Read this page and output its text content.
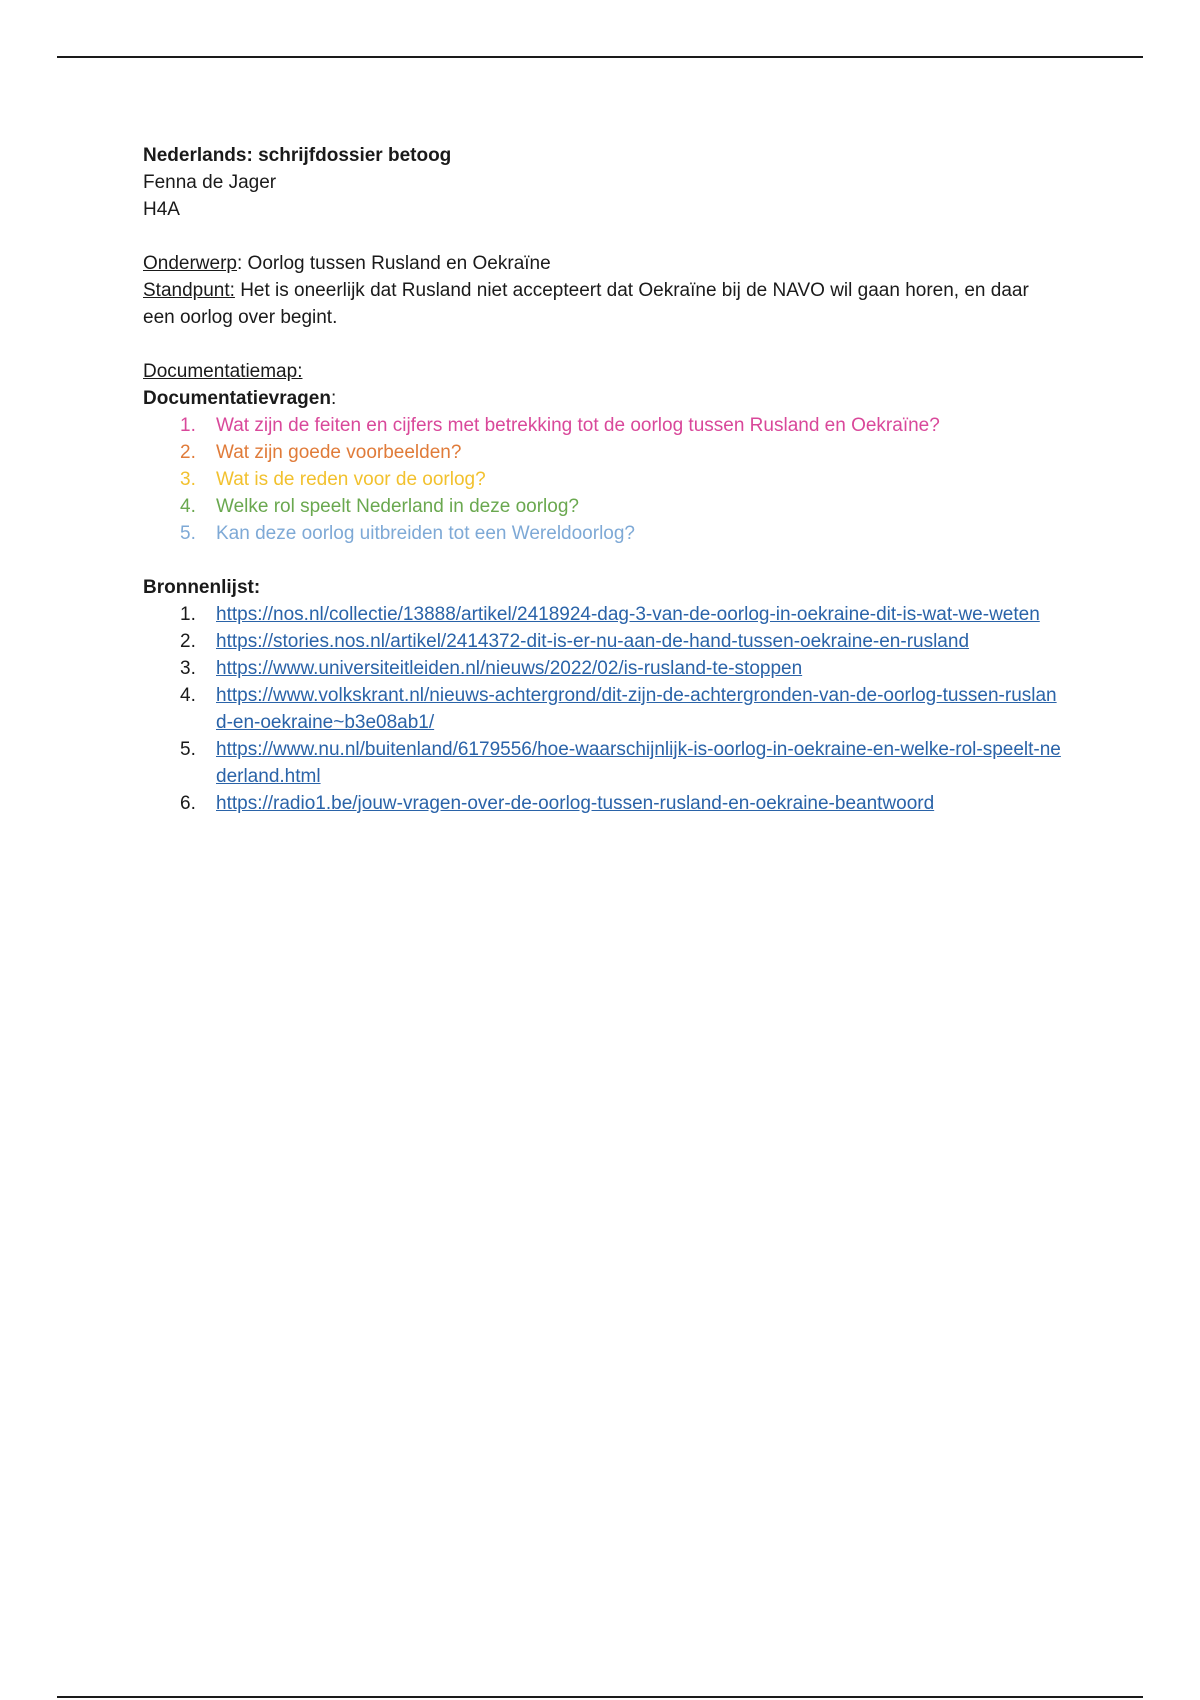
Nederlands: schrijfdossier betoog

Fenna de Jager

H4A

Onderwerp: Oorlog tussen Rusland en Oekraïne

Standpunt: Het is oneerlijk dat Rusland niet accepteert dat Oekraïne bij de NAVO wil gaan horen, en daar een oorlog over begint.

Documentatiemap:

Documentatievragen:

1. Wat zijn de feiten en cijfers met betrekking tot de oorlog tussen Rusland en Oekraïne?
2. Wat zijn goede voorbeelden?
3. Wat is de reden voor de oorlog?
4. Welke rol speelt Nederland in deze oorlog?
5. Kan deze oorlog uitbreiden tot een Wereldoorlog?

Bronnenlijst:

1. https://nos.nl/collectie/13888/artikel/2418924-dag-3-van-de-oorlog-in-oekraine-dit-is-wat-we-weten
2. https://stories.nos.nl/artikel/2414372-dit-is-er-nu-aan-de-hand-tussen-oekraine-en-rusland
3. https://www.universiteitleiden.nl/nieuws/2022/02/is-rusland-te-stoppen
4. https://www.volkskrant.nl/nieuws-achtergrond/dit-zijn-de-achtergronden-van-de-oorlog-tussen-rusland-en-oekraine~b3e08ab1/
5. https://www.nu.nl/buitenland/6179556/hoe-waarschijnlijk-is-oorlog-in-oekraine-en-welke-rol-speelt-nederland.html
6. https://radio1.be/jouw-vragen-over-de-oorlog-tussen-rusland-en-oekraine-beantwoord
